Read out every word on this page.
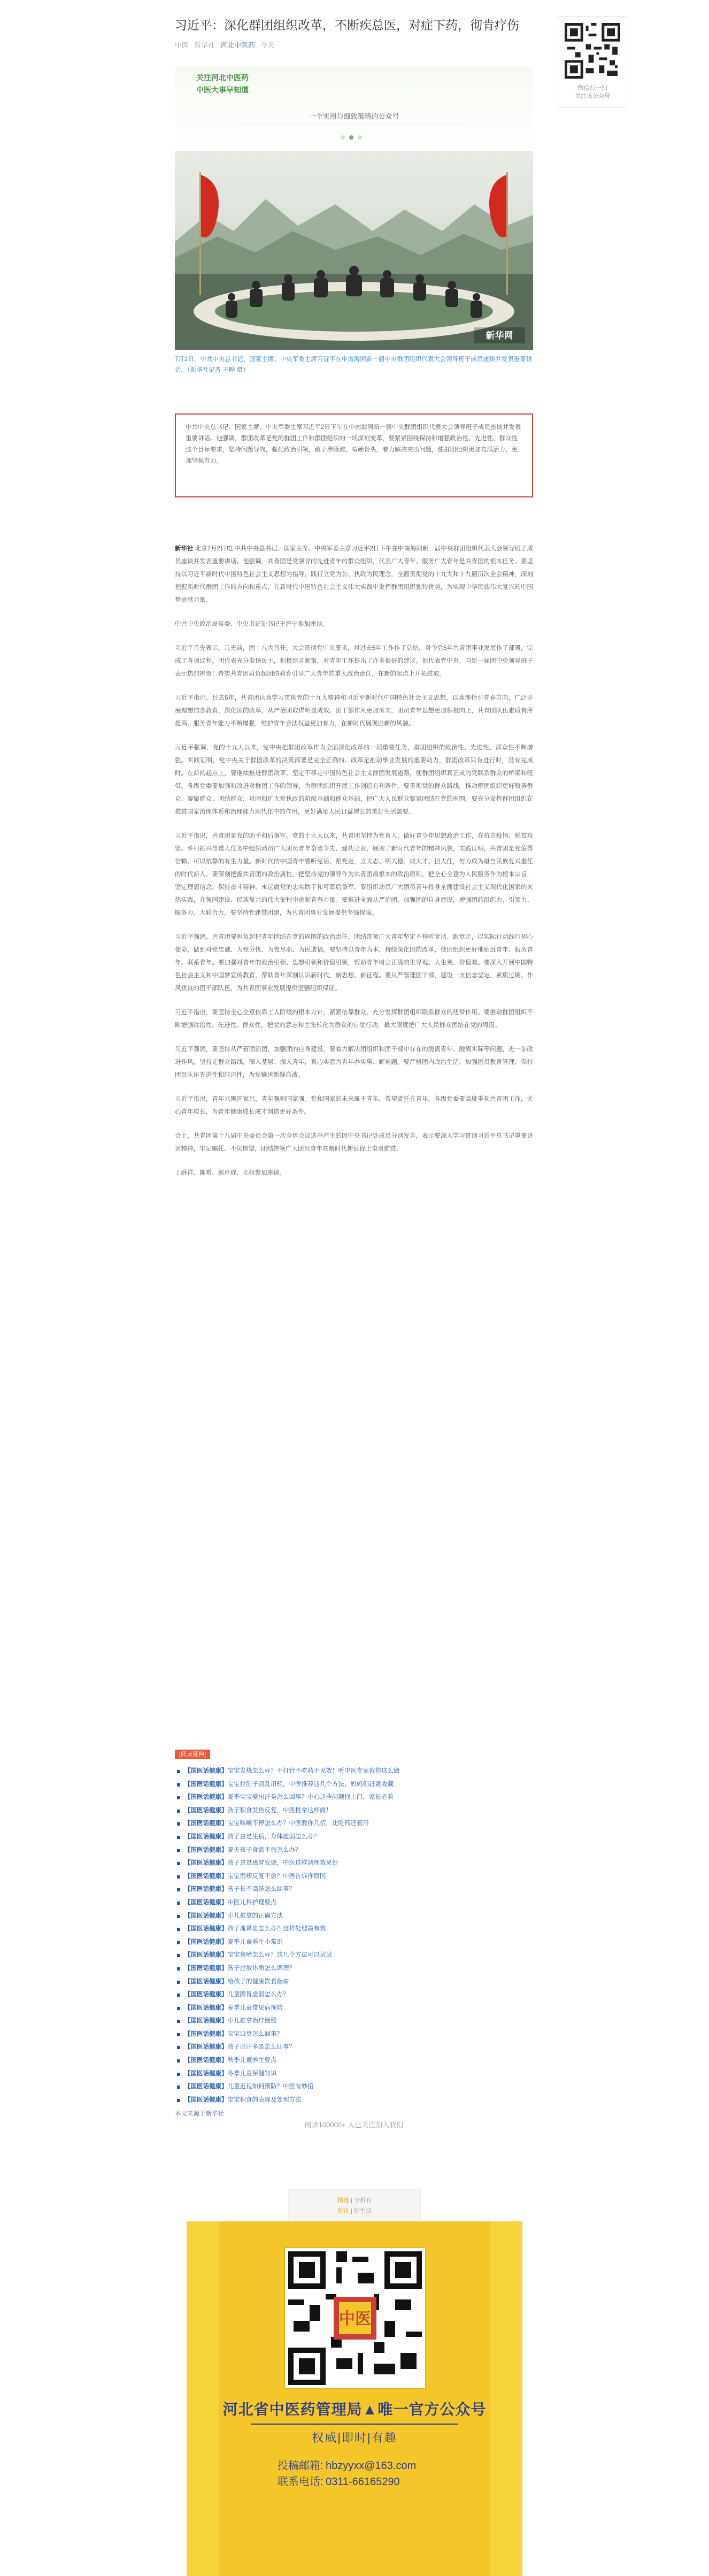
习近平：深化群团组织改革，不断疾总医，对症下药，彻肯疗伤
中医 新华社 河北中医药 今天
微信扫一扫
关注该公众号
关注河北中医药
中医大事早知道
一个实用与细致策略的公众号
新华网
7月2日，中共中央总书记、国家主席、中央军委主席习近平在中南海同新一届中央群团组织代表大会领导班子成员座谈并发表重要讲话。（新华社记者 王晔 摄）
中共中央总书记、国家主席、中央军委主席习近平2日下午在中南海同新一届中央群团组织代表大会领导班子成员座谈并发表重要讲话。他强调，群团改革是党的群团工作和群团组织的一场深刻变革，要紧紧围绕保持和增强政治性、先进性、群众性这个目标要求，坚持问题导向，强化政治引领，敢于涉险滩、啃硬骨头，着力解决突出问题，使群团组织更加充满活力、更加坚强有力。

新华社 北京7月2日电 中共中央总书记、国家主席、中央军委主席习近平2日下午在中南海同新一届中央群团组织代表大会领导班子成员座谈并发表重要讲话。他强调，共青团是党领导的先进青年的群众组织，代表广大青年、服务广大青年是共青团的根本任务。要坚持以习近平新时代中国特色社会主义思想为指导，践行立党为公、执政为民理念，全面贯彻党的十九大和十九届历次全会精神，深刻把握新时代群团工作的方向和重点，在新时代中国特色社会主义伟大实践中发挥群团组织独特优势，为实现中华民族伟大复兴的中国梦贡献力量。

中共中央政治局常委、中央书记处书记王沪宁参加座谈。

习近平首先表示，几天前，团十八大召开。大会贯彻党中央要求，对过去5年工作作了总结，对今后5年共青团事业发展作了部署，完成了各项议程。团代表充分发扬民主，积极建言献策，对青年工作提出了许多很好的建议。他代表党中央，向新一届团中央领导班子表示热烈祝贺！希望共青团肩负起团结教育引导广大青年的重大政治责任，在新的起点上开拓进取。

习近平指出，过去5年，共青团认真学习贯彻党的十九大精神和习近平新时代中国特色社会主义思想，以真理指引青春方向，广泛开展理想信念教育，深化团的改革，从严治团取得明显成效。团干部作风更加务实，团员青年思想更加积极向上，共青团队伍素质有所提高，服务青年能力不断增强，维护青年合法权益更加有力，在新时代展现出新的风貌。

习近平强调，党的十九大以来，党中央把群团改革作为全面深化改革的一项重要任务，群团组织的政治性、先进性、群众性不断增强。实践证明，党中央关于群团改革的决策部署是完全正确的。改革是推动事业发展的重要动力，群团改革只有进行时，没有完成时。在新的起点上，要继续推进群团改革，坚定不移走中国特色社会主义群团发展道路，使群团组织真正成为党联系群众的桥梁和纽带。各级党委要加强和改进对群团工作的领导，为群团组织开展工作创造有利条件。要贯彻党的群众路线，推动群团组织更好服务群众、凝聚群众、团结群众，巩固和扩大党执政的阶级基础和群众基础，把广大人民群众紧紧团结在党的周围。要充分发挥群团组织在推进国家治理体系和治理能力现代化中的作用，更好满足人民日益增长的美好生活需要。

习近平指出，共青团是党的助手和后备军。党的十九大以来，共青团坚持为党育人，做好青少年思想政治工作，在抗击疫情、脱贫攻坚、乡村振兴等重大任务中组织动员广大团员青年奋勇争先、建功立业，展现了新时代青年的精神风貌。实践证明，共青团是党值得信赖、可以依靠的有生力量。新时代的中国青年要听党话、跟党走，立大志、明大德、成大才、担大任，努力成为堪当民族复兴重任的时代新人。要深刻把握共青团的政治属性，把坚持党的领导作为共青团最根本的政治原则，把全心全意为人民服务作为根本宗旨，坚定理想信念，保持奋斗精神，永远做党的忠实助手和可靠后备军。要组织动员广大团员青年投身全面建设社会主义现代化国家的火热实践，在强国建设、民族复兴的伟大征程中贡献青春力量。要推进全面从严治团，加强团的自身建设，增强团的组织力、引领力、服务力、大联合力。要坚持党建带团建，为共青团事业发展提供坚强保障。

习近平强调，共青团要担负起把青年团结在党的周围的政治责任，团结带领广大青年坚定不移听党话、跟党走，以实际行动践行初心使命，做到对党忠诚、为党分忧、为党尽职、为民造福。要坚持以青年为本，持续深化团的改革，使团组织更好地贴近青年、服务青年、联系青年。要加强对青年的政治引领、思想引领和价值引领，帮助青年树立正确的世界观、人生观、价值观。要深入开展中国特色社会主义和中国梦宣传教育，帮助青年深刻认识新时代、新思想、新征程。要从严管理团干部，建设一支信念坚定、素质过硬、作风优良的团干部队伍，为共青团事业发展提供坚强组织保证。

习近平指出，要坚持全心全意依靠工人阶级的根本方针，紧紧依靠群众，充分发挥群团组织联系群众的纽带作用。要推动群团组织不断增强政治性、先进性、群众性，把党的意志和主张转化为群众的自觉行动，最大限度把广大人民群众团结在党的周围。

习近平强调，要坚持从严管团治团，加强团的自身建设。要着力解决团组织和团干部中存在的脱离青年、脱离实际等问题，进一步改进作风，坚持走群众路线，深入基层、深入青年，真心实意为青年办实事、解难题。要严格团内政治生活，加强团员教育管理，保持团员队伍先进性和纯洁性，为党输送新鲜血液。

习近平指出，青年兴则国家兴，青年强则国家强。党和国家的未来属于青年，希望寄托在青年。各级党委要高度重视共青团工作，关心青年成长，为青年健康成长成才创造更好条件。

会上，共青团第十八届中央委员会第一次全体会议选举产生的团中央书记处成员分别发言，表示要深入学习贯彻习近平总书记重要讲话精神，牢记嘱托、不负期望，团结带领广大团员青年在新时代新征程上奋勇前进。

丁薛祥、陈希、郭声琨、尤权参加座谈。

[阅读延伸]
【国医话健康】宝宝发烧怎么办？不打针不吃药不见效！听中医专家教你这么做
【国医话健康】宝宝拉肚子别乱用药，中医推荐这几个方法，妈妈们赶紧收藏
【国医话健康】夏季宝宝爱出汗是怎么回事？小心这些问题找上门，家长必看
【国医话健康】孩子积食发热反复，中医推拿这样做！
【国医话健康】宝宝咳嗽不停怎么办？中医教你几招，比吃药还管用
【国医话健康】孩子总是生病，身体虚弱怎么办？
【国医话健康】夏天孩子食欲不振怎么办？
【国医话健康】孩子总是感冒发烧，中医这样调理效果好
【国医话健康】宝宝湿疹反复不愈？中医告诉你原因
【国医话健康】孩子长不高是怎么回事？
【国医话健康】中医儿科护理要点
【国医话健康】小儿推拿的正确方法
【国医话健康】孩子流鼻血怎么办？这样处理最有效
【国医话健康】夏季儿童养生小常识
【国医话健康】宝宝夜啼怎么办？这几个方法可以试试
【国医话健康】孩子过敏体质怎么调理？
【国医话健康】给孩子的健康饮食指南
【国医话健康】儿童脾胃虚弱怎么办？
【国医话健康】春季儿童常见病预防
【国医话健康】小儿推拿治疗便秘
【国医话健康】宝宝口臭怎么回事？
【国医话健康】孩子出汗多是怎么回事？
【国医话健康】秋季儿童养生要点
【国医话健康】冬季儿童保健知识
【国医话健康】儿童近视如何预防？中医有妙招
【国医话健康】宝宝积食的表现及处理方法
本文来源于新华社
阅读100000+ 人已关注加入我们
精选 | 分析有
资讯 | 好生活
中医
河北省中医药管理局▲唯一官方公众号
权威|即时|有趣
投稿邮箱: hbzyyxx@163.com
联系电话: 0311-66165290
